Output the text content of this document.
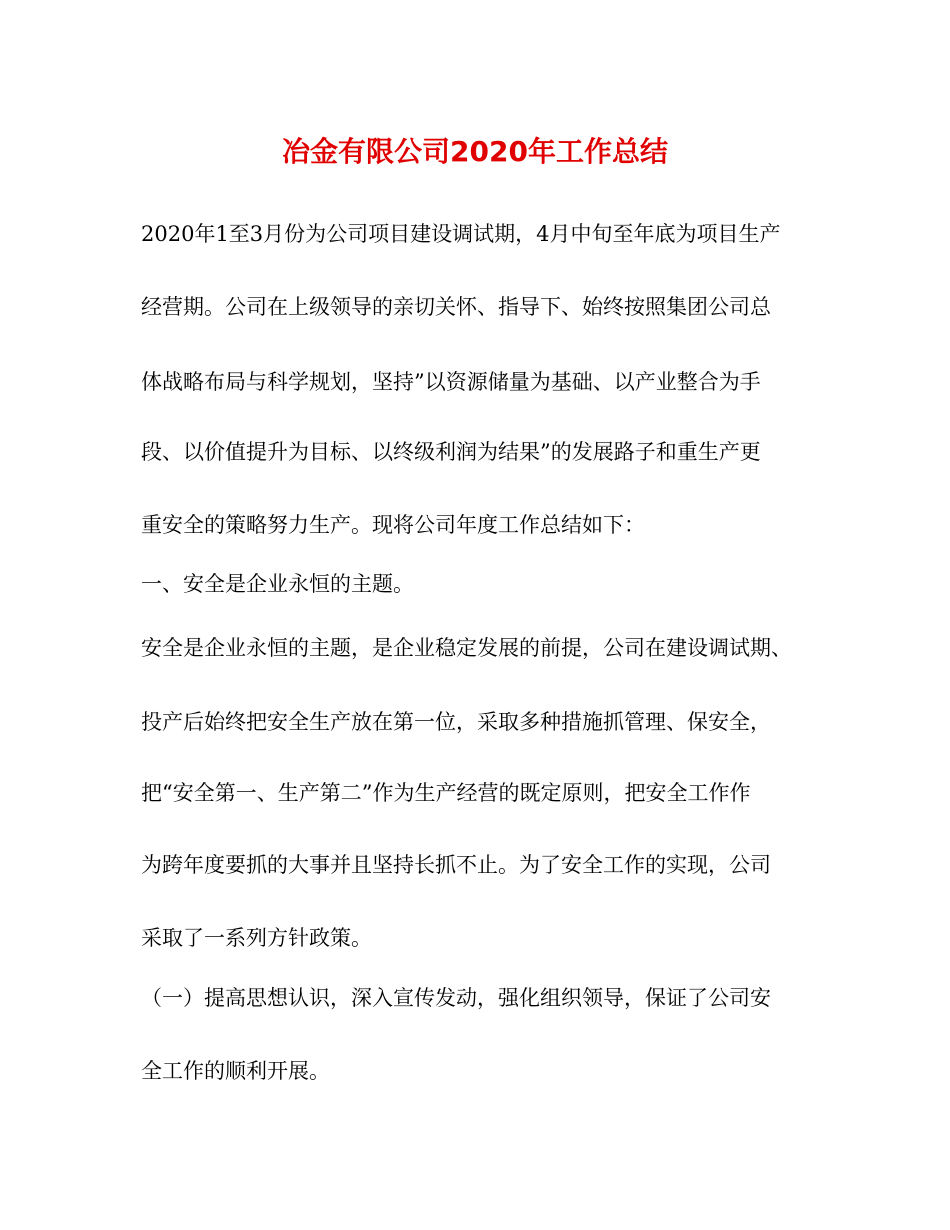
冶金有限公司2020年工作总结
2020年1至3月份为公司项目建设调试期，4月中旬至年底为项目生产
经营期。公司在上级领导的亲切关怀、指导下、始终按照集团公司总
体战略布局与科学规划，坚持”以资源储量为基础、以产业整合为手
段、以价值提升为目标、以终级利润为结果”的发展路子和重生产更
重安全的策略努力生产。现将公司年度工作总结如下：
一、安全是企业永恒的主题。
安全是企业永恒的主题，是企业稳定发展的前提，公司在建设调试期、
投产后始终把安全生产放在第一位，采取多种措施抓管理、保安全，
把“安全第一、生产第二”作为生产经营的既定原则，把安全工作作
为跨年度要抓的大事并且坚持长抓不止。为了安全工作的实现，公司
采取了一系列方针政策。
（一）提高思想认识，深入宣传发动，强化组织领导，保证了公司安
全工作的顺利开展。
